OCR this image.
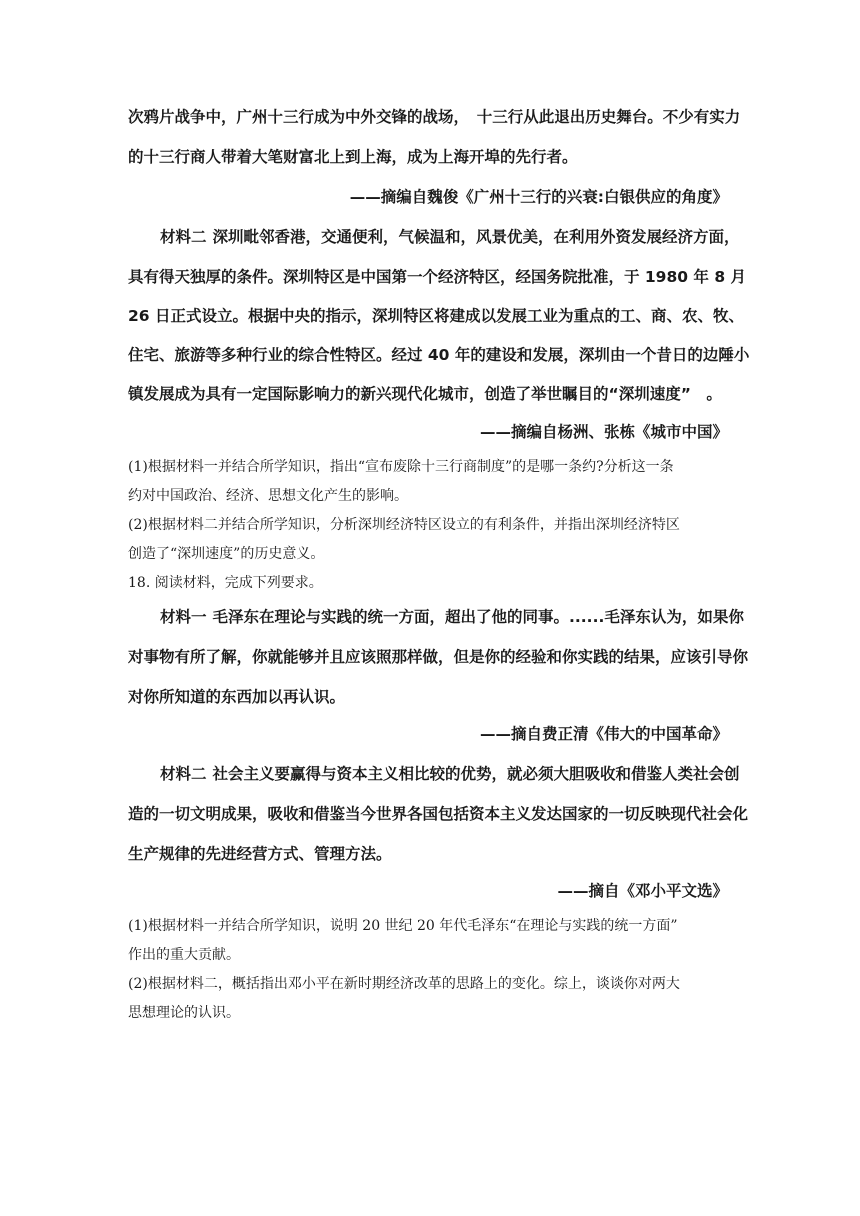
次鸦片战争中，广州十三行成为中外交锋的战场，　十三行从此退出历史舞台。不少有实力
的十三行商人带着大笔财富北上到上海，成为上海开埠的先行者。
——摘编自魏俊《广州十三行的兴衰:白银供应的角度》
材料二 深圳毗邻香港，交通便利，气候温和，风景优美，在利用外资发展经济方面，
具有得天独厚的条件。深圳特区是中国第一个经济特区，经国务院批准，于 1980 年 8 月
26 日正式设立。根据中央的指示，深圳特区将建成以发展工业为重点的工、商、农、牧、
住宅、旅游等多种行业的综合性特区。经过 40 年的建设和发展，深圳由一个昔日的边陲小
镇发展成为具有一定国际影响力的新兴现代化城市，创造了举世瞩目的“深圳速度”　。
——摘编自杨洲、张栋《城市中国》
(1)根据材料一并结合所学知识，指出“宣布废除十三行商制度”的是哪一条约?分析这一条
约对中国政治、经济、思想文化产生的影响。
(2)根据材料二并结合所学知识，分析深圳经济特区设立的有利条件，并指出深圳经济特区
创造了“深圳速度”的历史意义。
18. 阅读材料，完成下列要求。
材料一 毛泽东在理论与实践的统一方面，超出了他的同事。......毛泽东认为，如果你
对事物有所了解，你就能够并且应该照那样做，但是你的经验和你实践的结果，应该引导你
对你所知道的东西加以再认识。
——摘自费正清《伟大的中国革命》
材料二 社会主义要赢得与资本主义相比较的优势，就必须大胆吸收和借鉴人类社会创
造的一切文明成果，吸收和借鉴当今世界各国包括资本主义发达国家的一切反映现代社会化
生产规律的先进经营方式、管理方法。
——摘自《邓小平文选》
(1)根据材料一并结合所学知识，说明 20 世纪 20 年代毛泽东“在理论与实践的统一方面”
作出的重大贡献。
(2)根据材料二，概括指出邓小平在新时期经济改革的思路上的变化。综上，谈谈你对两大
思想理论的认识。
